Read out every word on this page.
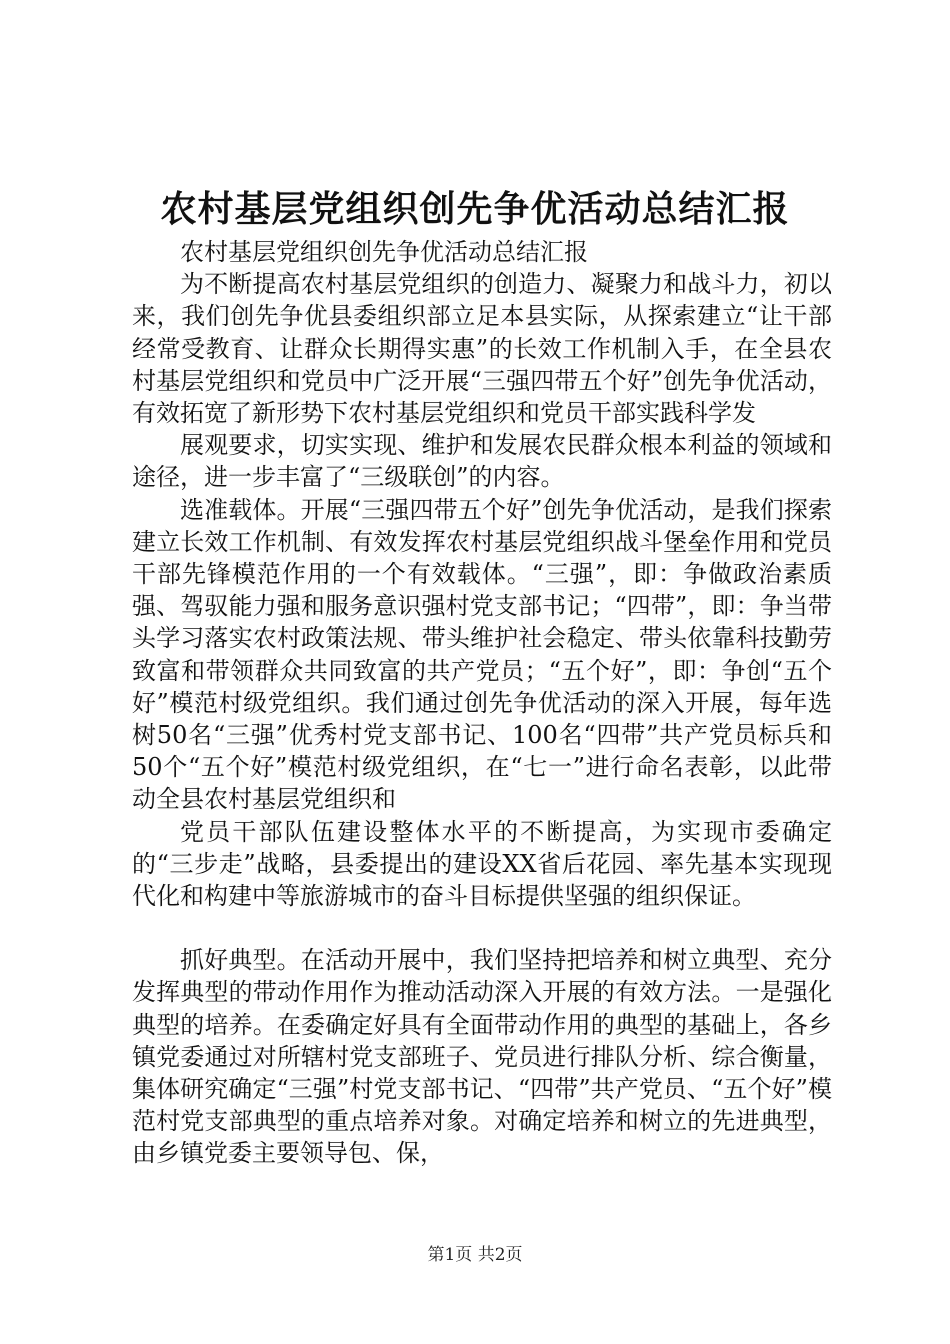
农村基层党组织创先争优活动总结汇报

农村基层党组织创先争优活动总结汇报

为不断提高农村基层党组织的创造力、凝聚力和战斗力，初以来，我们创先争优县委组织部立足本县实际，从探索建立“让干部经常受教育、让群众长期得实惠”的长效工作机制入手，在全县农村基层党组织和党员中广泛开展“三强四带五个好”创先争优活动，有效拓宽了新形势下农村基层党组织和党员干部实践科学发

展观要求，切实实现、维护和发展农民群众根本利益的领域和途径，进一步丰富了“三级联创”的内容。

选准载体。开展“三强四带五个好”创先争优活动，是我们探索建立长效工作机制、有效发挥农村基层党组织战斗堡垒作用和党员干部先锋模范作用的一个有效载体。“三强”，即：争做政治素质强、驾驭能力强和服务意识强村党支部书记；“四带”，即：争当带头学习落实农村政策法规、带头维护社会稳定、带头依靠科技勤劳致富和带领群众共同致富的共产党员；“五个好”，即：争创“五个好”模范村级党组织。我们通过创先争优活动的深入开展，每年选树50名“三强”优秀村党支部书记、100名“四带”共产党员标兵和50个“五个好”模范村级党组织，在“七一”进行命名表彰，以此带动全县农村基层党组织和

党员干部队伍建设整体水平的不断提高，为实现市委确定的“三步走”战略，县委提出的建设XX省后花园、率先基本实现现代化和构建中等旅游城市的奋斗目标提供坚强的组织保证。

抓好典型。在活动开展中，我们坚持把培养和树立典型、充分发挥典型的带动作用作为推动活动深入开展的有效方法。一是强化典型的培养。在委确定好具有全面带动作用的典型的基础上，各乡镇党委通过对所辖村党支部班子、党员进行排队分析、综合衡量，集体研究确定“三强”村党支部书记、“四带”共产党员、“五个好”模范村党支部典型的重点培养对象。对确定培养和树立的先进典型，由乡镇党委主要领导包、保，

第1页 共2页
